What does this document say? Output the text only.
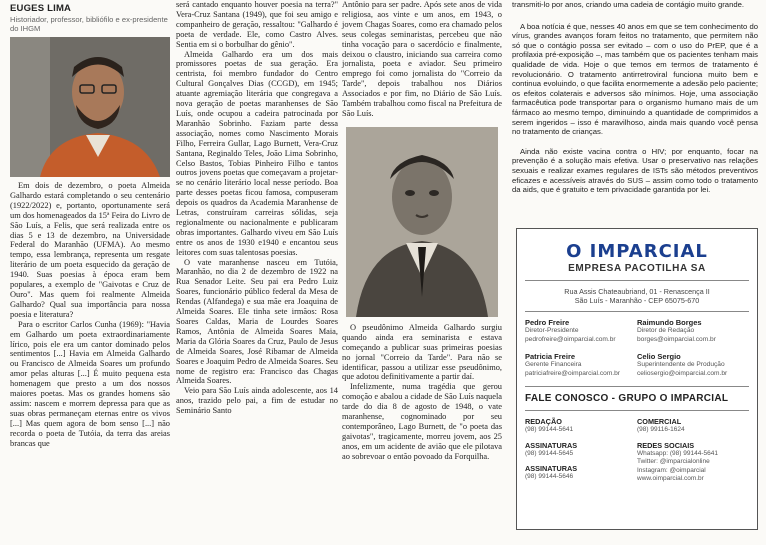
EUGES LIMA
Historiador, professor, bibliófilo e ex-presidente do IHGM

Em dois de dezembro, o poeta Almeida Galhardo estará completando o seu centenário (1922/2022) e, portanto, oportunamente será um dos homenageados da 15ª Feira do Livro de São Luís, a Felis, que será realizada entre os dias 5 e 13 de dezembro, na Universidade Federal do Maranhão (UFMA). Ao mesmo tempo, essa lembrança, representa um resgate literário de um poeta esquecido da geração de 1940. Suas poesias à época eram bem populares, a exemplo de "Gaivotas e Cruz de Ouro". Mas quem foi realmente Almeida Galhardo? Qual sua importância para nossa poesia e literatura?

Para o escritor Carlos Cunha (1969): "Havia em Galhardo um poeta extraordinariamente lírico, pois ele era um cantor dominado pelos sentimentos [...] Havia em Almeida Galhardo ou Francisco de Almeida Soares um profundo amor pelas alturas [...] É muito pequena esta homenagem que presto a um dos nossos maiores poetas. Mas os grandes homens são assim: nascem e morrem depressa para que as suas obras permaneçam eternas entre os vivos [...] Mas quem agora de bom senso [...] não recorda o poeta de Tutóia, da terra das areias brancas que

será cantado enquanto houver poesia na terra?" Vera-Cruz Santana (1949), que foi seu amigo e companheiro de geração, ressaltou: "Galhardo é poeta de verdade. Ele, como Castro Alves. Sentia em si o borbulhar do gênio".

Almeida Galhardo era um dos mais promissores poetas de sua geração. Era centrista, foi membro fundador do Centro Cultural Gonçalves Dias (CCGD), em 1945; atuante agremiação literária que congregava a nova geração de poetas maranhenses de São Luís, onde ocupou a cadeira patrocinada por Maranhão Sobrinho. Faziam parte dessa associação, nomes como Nascimento Morais Filho, Ferreira Gullar, Lago Burnett, Vera-Cruz Santana, Reginaldo Teles, João Lima Sobrinho, Celso Bastos, Tobias Pinheiro Filho e tantos outros jovens poetas que começavam a projetar-se no cenário literário local nesse período. Boa parte desses poetas ficou famosa, compuseram depois os quadros da Academia Maranhense de Letras, construíram carreiras sólidas, seja regionalmente ou nacionalmente e publicaram obras importantes. Galhardo viveu em São Luís entre os anos de 1930 e1940 e encantou seus leitores com suas talentosas poesias.

O vate maranhense nasceu em Tutóia, Maranhão, no dia 2 de dezembro de 1922 na Rua Senador Leite. Seu pai era Pedro Luiz Soares, funcionário público federal da Mesa de Rendas (Alfandega) e sua mãe era Joaquina de Almeida Soares. Ele tinha sete irmãos: Rosa Soares Caldas, Maria de Lourdes Soares Ramos, Antônia de Almeida Soares Maia, Maria da Glória Soares da Cruz, Paulo de Jesus de Almeida Soares, José Ribamar de Almeida Soares e Joaquim Pedro de Almeida Soares. Seu nome de registro era: Francisco das Chagas Almeida Soares.

Veio para São Luís ainda adolescente, aos 14 anos, trazido pelo pai, a fim de estudar no Seminário Santo

Antônio para ser padre. Após sete anos de vida religiosa, aos vinte e um anos, em 1943, o jovem Chagas Soares, como era chamado pelos seus colegas seminaristas, percebeu que não tinha vocação para o sacerdócio e finalmente, deixou o claustro, iniciando sua carreira como jornalista, poeta e aviador. Seu primeiro emprego foi como jornalista do "Correio da Tarde", depois trabalhou nos Diários Associados e por fim, no Diário de São Luís. Também trabalhou como fiscal na Prefeitura de São Luís.

O pseudônimo Almeida Galhardo surgiu quando ainda era seminarista e estava começando a publicar suas primeiras poesias no jornal "Correio da Tarde". Para não se identificar, passou a utilizar esse pseudônimo, que adotou definitivamente a partir daí.

Infelizmente, numa tragédia que gerou comoção e abalou a cidade de São Luís naquela tarde do dia 8 de agosto de 1948, o vate maranhense, cognominado por seu contemporâneo, Lago Burnett, de "o poeta das gaivotas", tragicamente, morreu jovem, aos 25 anos, em um acidente de avião que ele pilotava ao sobrevoar o então povoado da Forquilha.

transmiti-lo por anos, criando uma cadeia de contágio muito grande.

A boa notícia é que, nesses 40 anos em que se tem conhecimento do vírus, grandes avanços foram feitos no tratamento, que permitem não só que o contágio possa ser evitado – com o uso do PrEP, que é a profilaxia pré-exposição –, mas também que os pacientes tenham mais qualidade de vida. Hoje o que temos em termos de tratamento é revolucionário. O tratamento antirretroviral funciona muito bem e continua evoluindo, o que facilita enormemente a adesão pelo paciente; os efeitos colaterais e adversos são mínimos. Hoje, uma associação farmacêutica pode transportar para o organismo humano mais de um fármaco ao mesmo tempo, diminuindo a quantidade de comprimidos a serem ingeridos – isso é maravilhoso, ainda mais quando você pensa no tratamento de crianças.

Ainda não existe vacina contra o HIV; por enquanto, focar na prevenção é a solução mais efetiva. Usar o preservativo nas relações sexuais e realizar exames regulares de ISTs são métodos preventivos eficazes e acessíveis através do SUS – assim como todo o tratamento da aids, que é gratuito e tem privacidade garantida por lei.

O IMPARCIAL
EMPRESA PACOTILHA SA
Rua Assis Chateaubriand, 01 - Renascença II
São Luís - Maranhão - CEP 65075-670
Pedro Freire
Diretor-Presidente
pedrofreire@oimparcial.com.br
Raimundo Borges
Diretor de Redação
borges@oimparcial.com.br
Patricia Freire
Gerente Financeira
patriciafreire@oimparcial.com.br
Celio Sergio
Superintendente de Produção
celiosergio@oimparcial.com.br
FALE CONOSCO - GRUPO O IMPARCIAL
REDAÇÃO
(98) 99144-5641
ASSINATURAS
(98) 99144-5645
ASSINATURAS
(98) 99144-5646
COMERCIAL
(98) 99116-1624
REDES SOCIAIS
Whatsapp: (98) 99144-5641
Twitter: @imparcialonline
Instagram: @oimparcial
www.oimparcial.com.br
